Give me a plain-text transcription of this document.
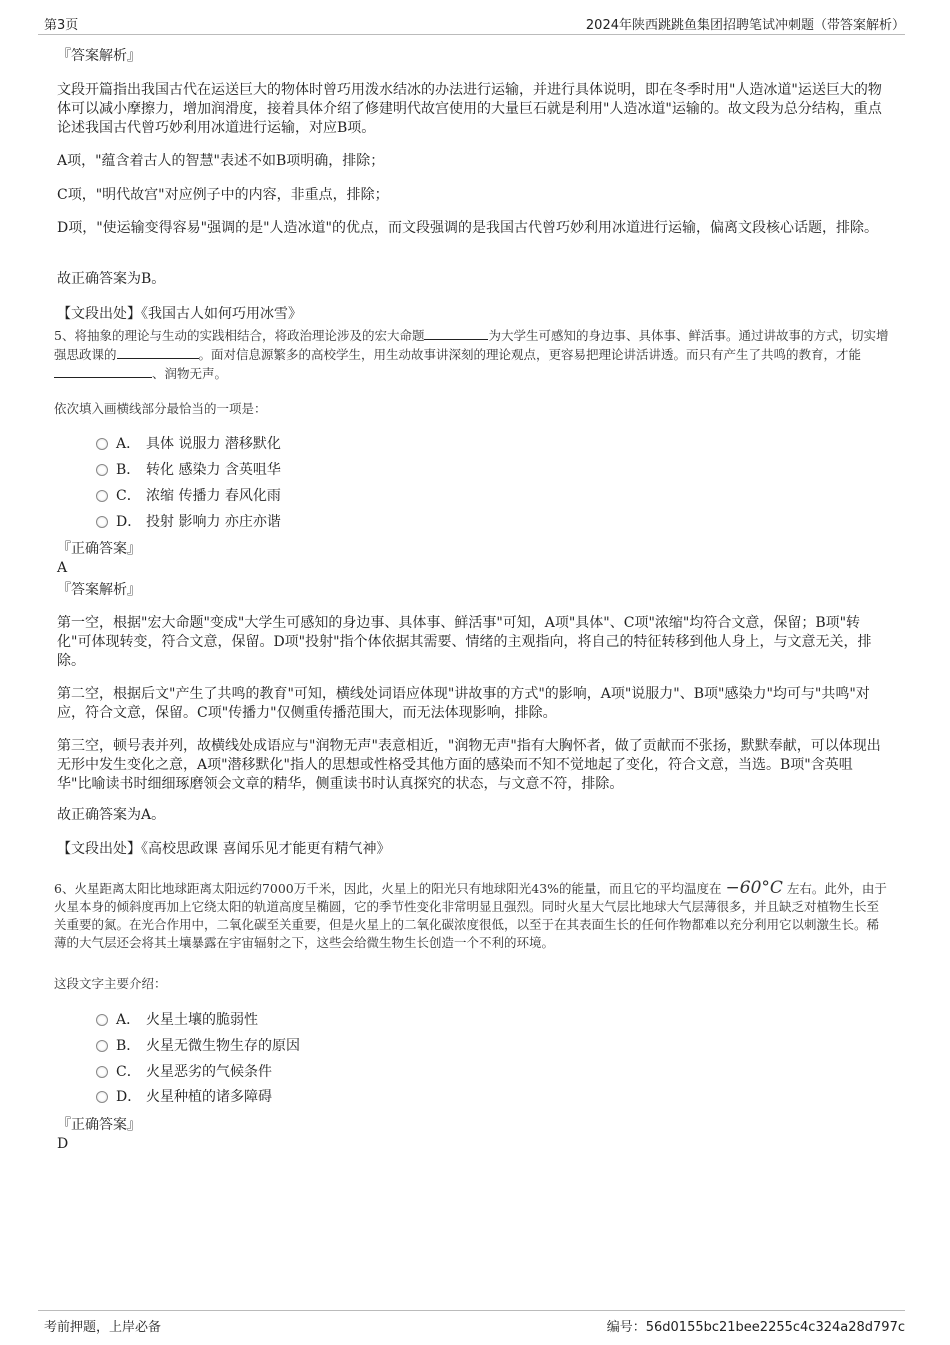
第3页	2024年陕西跳跳鱼集团招聘笔试冲刺题（带答案解析）
『答案解析』
文段开篇指出我国古代在运送巨大的物体时曾巧用泼水结冰的办法进行运输，并进行具体说明，即在冬季时用"人造冰道"运送巨大的物体可以减小摩擦力，增加润滑度，接着具体介绍了修建明代故宫使用的大量巨石就是利用"人造冰道"运输的。故文段为总分结构，重点论述我国古代曾巧妙利用冰道进行运输，对应B项。
A项，"蕴含着古人的智慧"表述不如B项明确，排除；
C项，"明代故宫"对应例子中的内容，非重点，排除；
D项，"使运输变得容易"强调的是"人造冰道"的优点，而文段强调的是我国古代曾巧妙利用冰道进行运输，偏离文段核心话题，排除。
故正确答案为B。
【文段出处】《我国古人如何巧用冰雪》
5、将抽象的理论与生动的实践相结合，将政治理论涉及的宏大命题	为大学生可感知的身边事、具体事、鲜活事。通过讲故事的方式，切实增强思政课的	。面对信息源繁多的高校学生，用生动故事讲深刻的理论观点，更容易把理论讲活讲透。而只有产生了共鸣的教育，才能、润物无声。
依次填入画横线部分最恰当的一项是：
A． 具体 说服力 潜移默化
B． 转化 感染力 含英咀华
C． 浓缩 传播力 春风化雨
D． 投射 影响力 亦庄亦谐
『正确答案』
A
『答案解析』
第一空，根据"宏大命题"变成"大学生可感知的身边事、具体事、鲜活事"可知，A项"具体"、C项"浓缩"均符合文意，保留；B项"转化"可体现转变，符合文意，保留。D项"投射"指个体依据其需要、情绪的主观指向，将自己的特征转移到他人身上，与文意无关，排除。
第二空，根据后文"产生了共鸣的教育"可知，横线处词语应体现"讲故事的方式"的影响，A项"说服力"、B项"感染力"均可与"共鸣"对应，符合文意，保留。C项"传播力"仅侧重传播范围大，而无法体现影响，排除。
第三空，顿号表并列，故横线处成语应与"润物无声"表意相近，"润物无声"指有大胸怀者，做了贡献而不张扬，默默奉献，可以体现出无形中发生变化之意，A项"潜移默化"指人的思想或性格受其他方面的感染而不知不觉地起了变化，符合文意，当选。B项"含英咀华"比喻读书时细细琢磨领会文章的精华，侧重读书时认真探究的状态，与文意不符，排除。
故正确答案为A。
【文段出处】《高校思政课 喜闻乐见才能更有精气神》
6、火星距离太阳比地球距离太阳远约7000万千米，因此，火星上的阳光只有地球阳光43%的能量，而且它的平均温度在 −60°C 左右。此外，由于火星本身的倾斜度再加上它绕太阳的轨道高度呈椭圆，它的季节性变化非常明显且强烈。同时火星大气层比地球大气层薄很多，并且缺乏对植物生长至关重要的氮。在光合作用中，二氧化碳至关重要，但是火星上的二氧化碳浓度很低，以至于在其表面生长的任何作物都难以充分利用它以刺激生长。稀薄的大气层还会将其土壤暴露在宇宙辐射之下，这些会给微生物生长创造一个不利的环境。
这段文字主要介绍：
A． 火星土壤的脆弱性
B． 火星无微生物生存的原因
C． 火星恶劣的气候条件
D． 火星种植的诸多障碍
『正确答案』
D
考前押题，上岸必备	编号：56d0155bc21bee2255c4c324a28d797c
